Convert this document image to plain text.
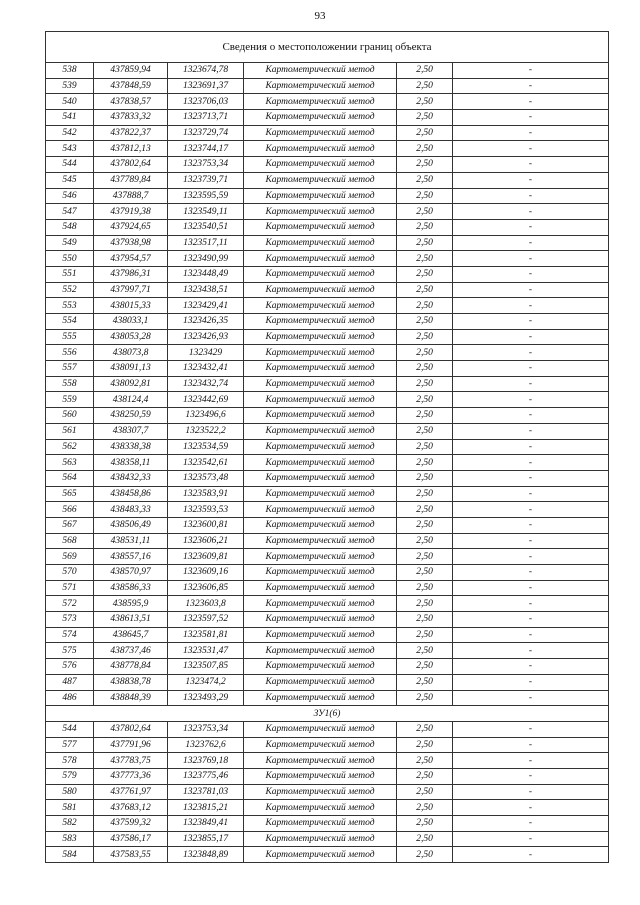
93
Сведения о местоположении границ объекта					
538	437859,94	1323674,78	Картометрический метод	2,50	-
539	437848,59	1323691,37	Картометрический метод	2,50	-
540	437838,57	1323706,03	Картометрический метод	2,50	-
541	437833,32	1323713,71	Картометрический метод	2,50	-
542	437822,37	1323729,74	Картометрический метод	2,50	-
543	437812,13	1323744,17	Картометрический метод	2,50	-
544	437802,64	1323753,34	Картометрический метод	2,50	-
545	437789,84	1323739,71	Картометрический метод	2,50	-
546	437888,7	1323595,59	Картометрический метод	2,50	-
547	437919,38	1323549,11	Картометрический метод	2,50	-
548	437924,65	1323540,51	Картометрический метод	2,50	-
549	437938,98	1323517,11	Картометрический метод	2,50	-
550	437954,57	1323490,99	Картометрический метод	2,50	-
551	437986,31	1323448,49	Картометрический метод	2,50	-
552	437997,71	1323438,51	Картометрический метод	2,50	-
553	438015,33	1323429,41	Картометрический метод	2,50	-
554	438033,1	1323426,35	Картометрический метод	2,50	-
555	438053,28	1323426,93	Картометрический метод	2,50	-
556	438073,8	1323429	Картометрический метод	2,50	-
557	438091,13	1323432,41	Картометрический метод	2,50	-
558	438092,81	1323432,74	Картометрический метод	2,50	-
559	438124,4	1323442,69	Картометрический метод	2,50	-
560	438250,59	1323496,6	Картометрический метод	2,50	-
561	438307,7	1323522,2	Картометрический метод	2,50	-
562	438338,38	1323534,59	Картометрический метод	2,50	-
563	438358,11	1323542,61	Картометрический метод	2,50	-
564	438432,33	1323573,48	Картометрический метод	2,50	-
565	438458,86	1323583,91	Картометрический метод	2,50	-
566	438483,33	1323593,53	Картометрический метод	2,50	-
567	438506,49	1323600,81	Картометрический метод	2,50	-
568	438531,11	1323606,21	Картометрический метод	2,50	-
569	438557,16	1323609,81	Картометрический метод	2,50	-
570	438570,97	1323609,16	Картометрический метод	2,50	-
571	438586,33	1323606,85	Картометрический метод	2,50	-
572	438595,9	1323603,8	Картометрический метод	2,50	-
573	438613,51	1323597,52	Картометрический метод	2,50	-
574	438645,7	1323581,81	Картометрический метод	2,50	-
575	438737,46	1323531,47	Картометрический метод	2,50	-
576	438778,84	1323507,85	Картометрический метод	2,50	-
487	438838,78	1323474,2	Картометрический метод	2,50	-
486	438848,39	1323493,29	Картометрический метод	2,50	-
ЗУ1(6)					
544	437802,64	1323753,34	Картометрический метод	2,50	-
577	437791,96	1323762,6	Картометрический метод	2,50	-
578	437783,75	1323769,18	Картометрический метод	2,50	-
579	437773,36	1323775,46	Картометрический метод	2,50	-
580	437761,97	1323781,03	Картометрический метод	2,50	-
581	437683,12	1323815,21	Картометрический метод	2,50	-
582	437599,32	1323849,41	Картометрический метод	2,50	-
583	437586,17	1323855,17	Картометрический метод	2,50	-
584	437583,55	1323848,89	Картометрический метод	2,50	-
